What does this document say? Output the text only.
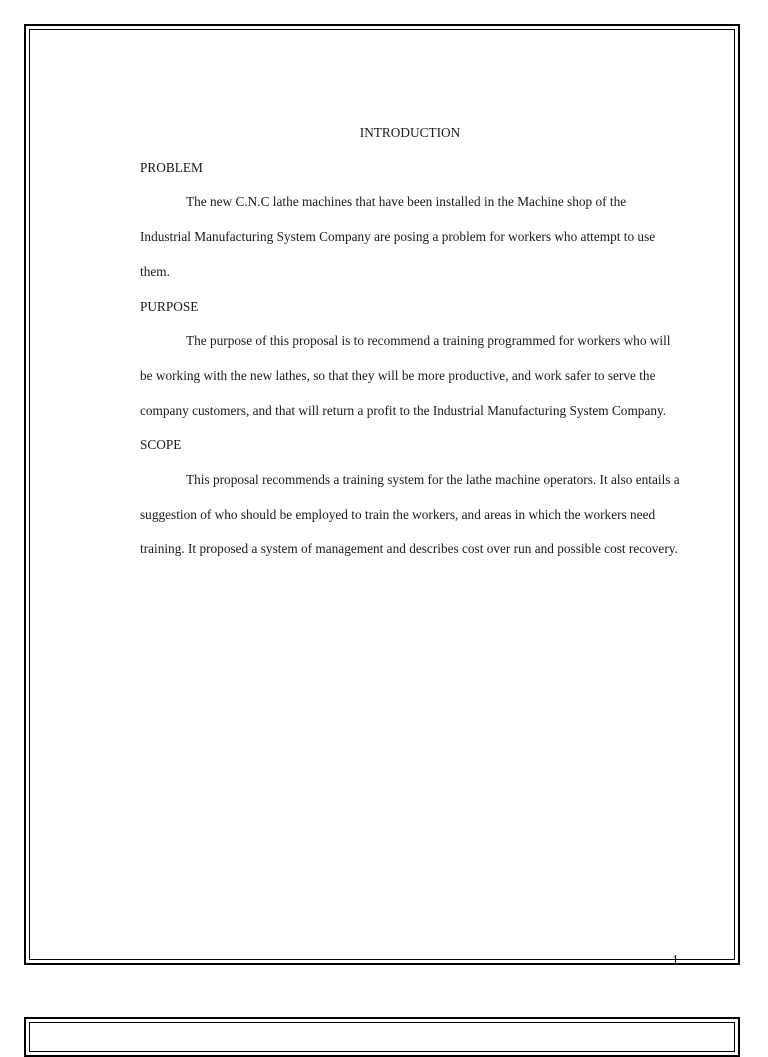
INTRODUCTION
PROBLEM

The new C.N.C lathe machines that have been installed in the Machine shop of the Industrial Manufacturing System Company are posing a problem for workers who attempt to use them.

PURPOSE

The purpose of this proposal is to recommend a training programmed for workers who will be working with the new lathes, so that they will be more productive, and work safer to serve the company customers, and that will return a profit to the Industrial Manufacturing System Company.

SCOPE

This proposal recommends a training system for the lathe machine operators. It also entails a suggestion of who should be employed to train the workers, and areas in which the workers need training. It proposed a system of management and describes cost over run and possible cost recovery.

1
